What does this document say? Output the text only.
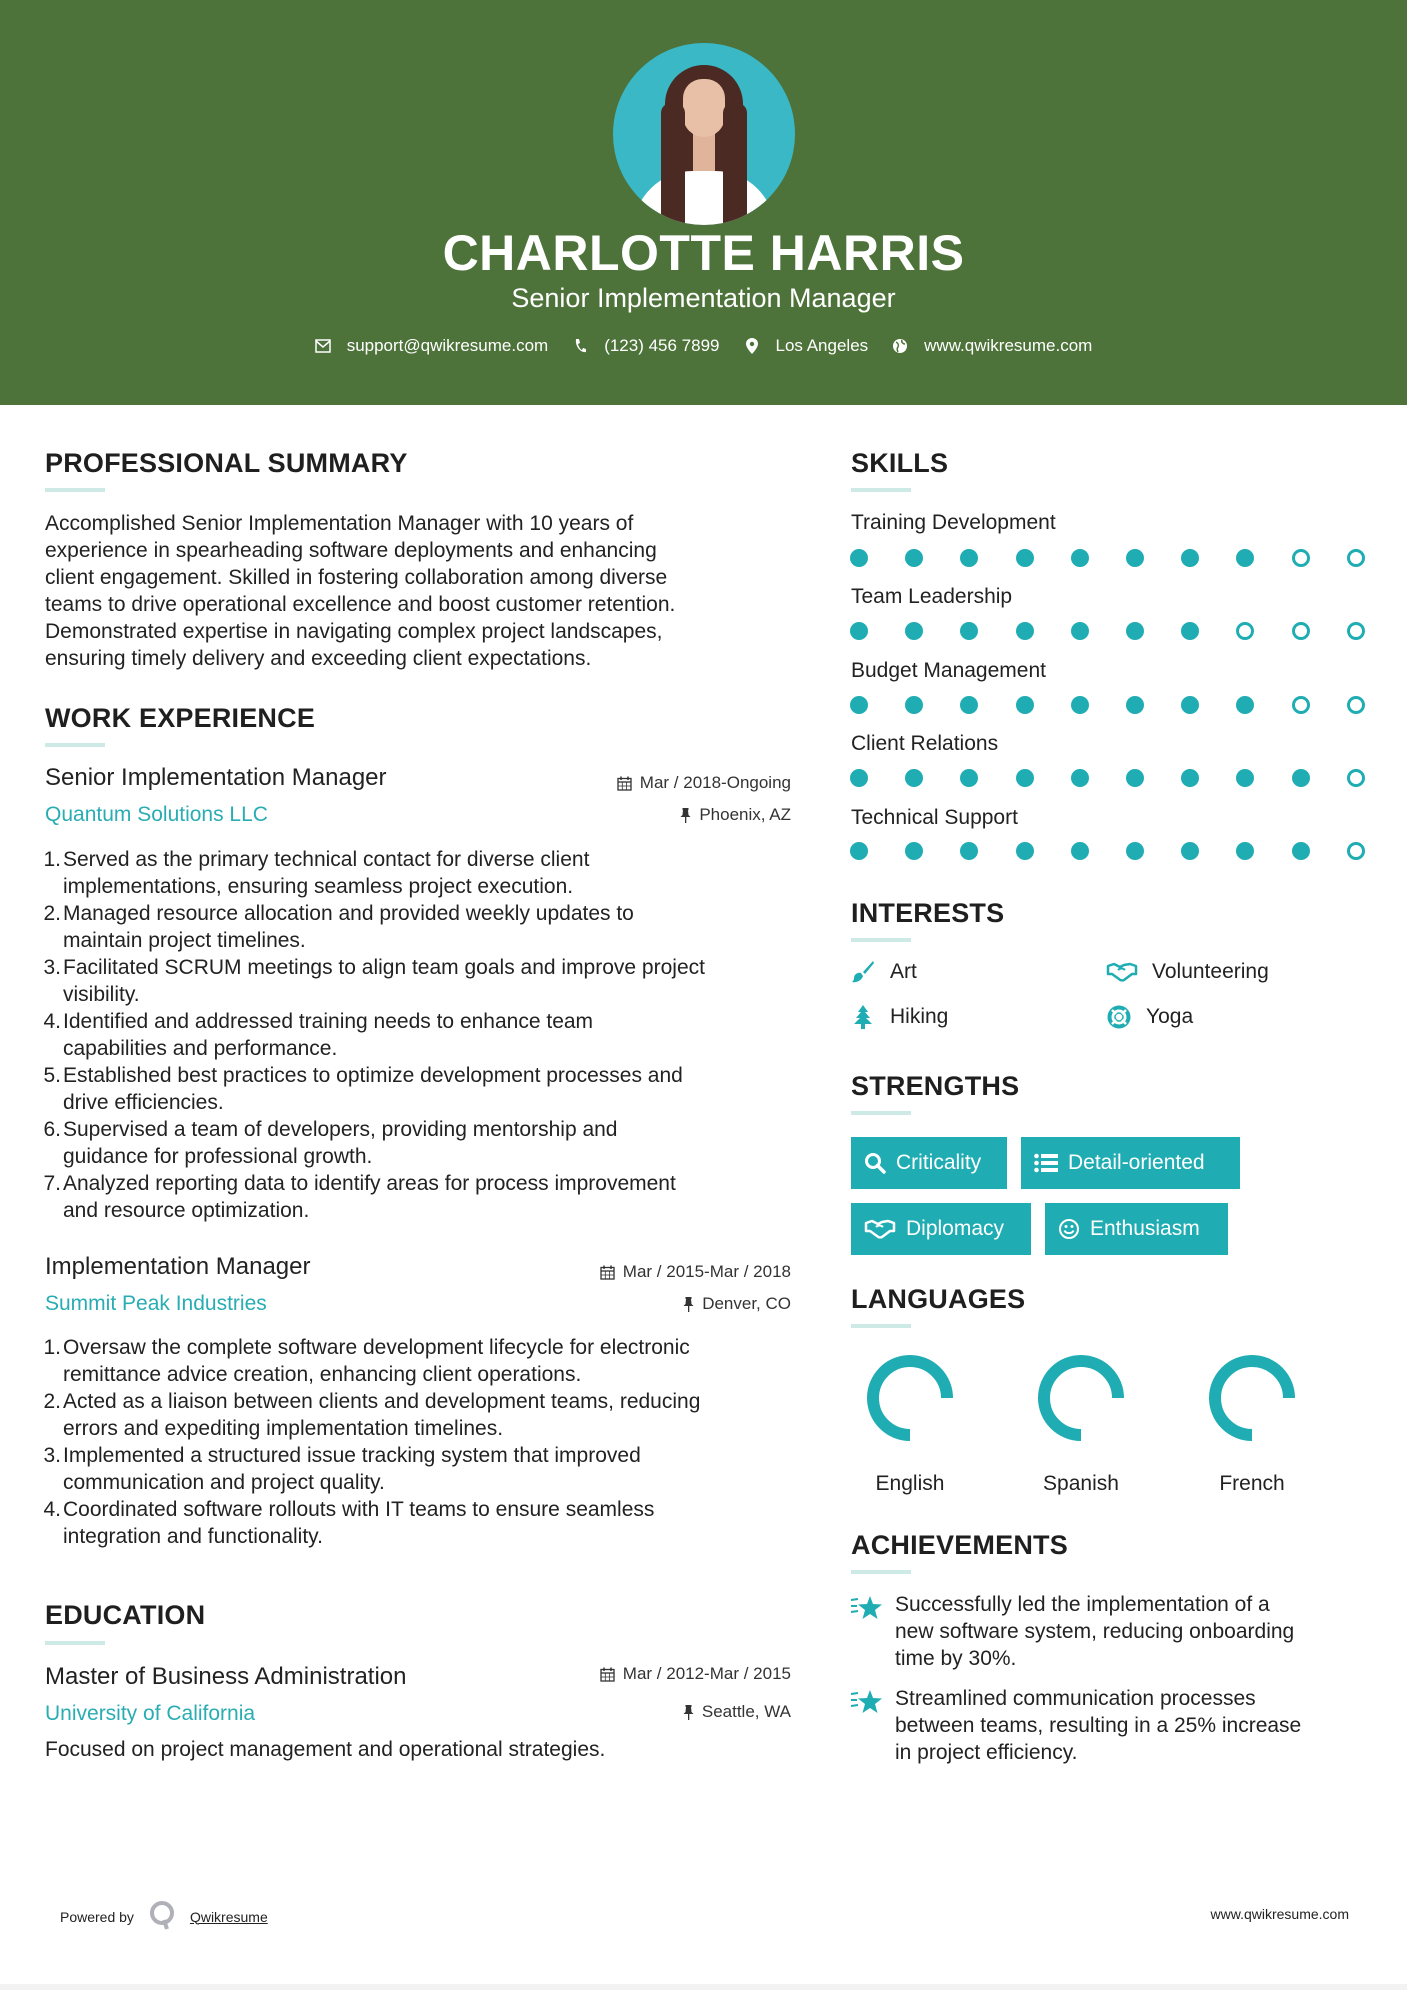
CHARLOTTE HARRIS
Senior Implementation Manager
support@qwikresume.com	(123) 456 7899	Los Angeles	www.qwikresume.com
PROFESSIONAL SUMMARY
Accomplished Senior Implementation Manager with 10 years of
experience in spearheading software deployments and enhancing
client engagement. Skilled in fostering collaboration among diverse
teams to drive operational excellence and boost customer retention.
Demonstrated expertise in navigating complex project landscapes,
ensuring timely delivery and exceeding client expectations.
WORK EXPERIENCE
Senior Implementation Manager
Quantum Solutions LLC
Mar / 2018-Ongoing
Phoenix, AZ
1. Served as the primary technical contact for diverse client
implementations, ensuring seamless project execution.
2. Managed resource allocation and provided weekly updates to
maintain project timelines.
3. Facilitated SCRUM meetings to align team goals and improve project
visibility.
4. Identified and addressed training needs to enhance team
capabilities and performance.
5. Established best practices to optimize development processes and
drive efficiencies.
6. Supervised a team of developers, providing mentorship and
guidance for professional growth.
7. Analyzed reporting data to identify areas for process improvement
and resource optimization.
Implementation Manager
Summit Peak Industries
Mar / 2015-Mar / 2018
Denver, CO
1. Oversaw the complete software development lifecycle for electronic
remittance advice creation, enhancing client operations.
2. Acted as a liaison between clients and development teams, reducing
errors and expediting implementation timelines.
3. Implemented a structured issue tracking system that improved
communication and project quality.
4. Coordinated software rollouts with IT teams to ensure seamless
integration and functionality.
EDUCATION
Master of Business Administration
University of California
Mar / 2012-Mar / 2015
Seattle, WA
Focused on project management and operational strategies.
SKILLS
Training Development
Team Leadership
Budget Management
Client Relations
Technical Support
INTERESTS
Art	Volunteering
Hiking	Yoga
STRENGTHS
Criticality	Detail-oriented
Diplomacy	Enthusiasm
LANGUAGES
English	Spanish	French
ACHIEVEMENTS
Successfully led the implementation of a
new software system, reducing onboarding
time by 30%.
Streamlined communication processes
between teams, resulting in a 25% increase
in project efficiency.
Powered by	Qwikresume	www.qwikresume.com
